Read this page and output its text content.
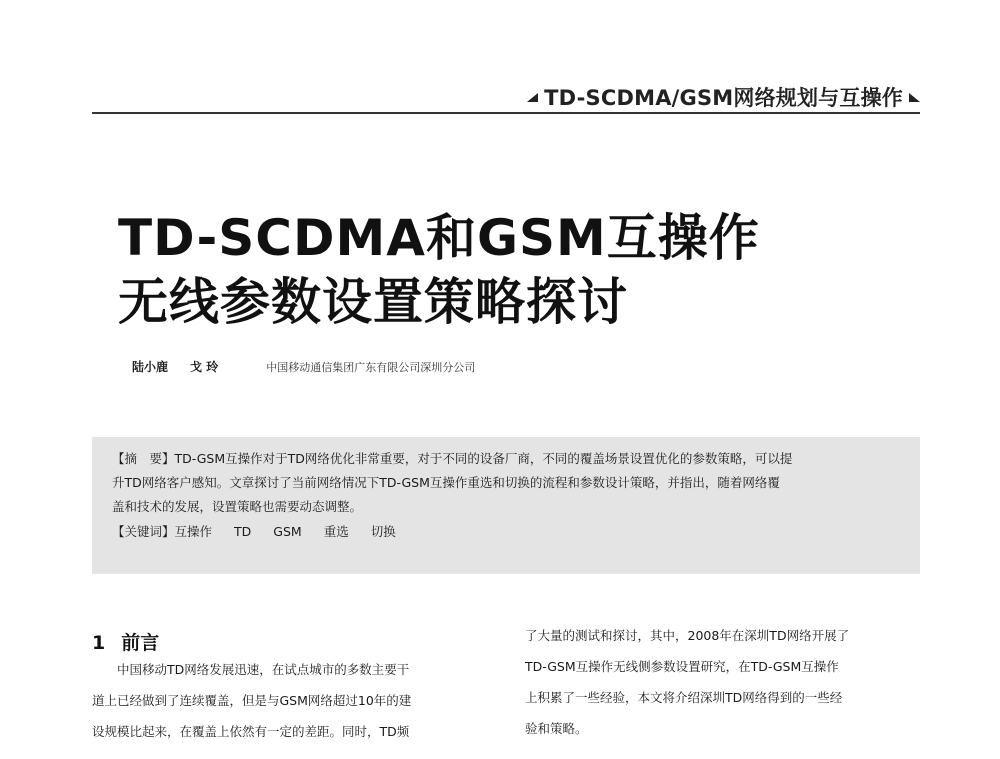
TD-SCDMA/GSM网络规划与互操作
TD-SCDMA和GSM互操作
无线参数设置策略探讨
陆小鹿 戈 玲	中国移动通信集团广东有限公司深圳分公司
【摘　要】TD-GSM互操作对于TD网络优化非常重要，对于不同的设备厂商，不同的覆盖场景设置优化的参数策略，可以提
升TD网络客户感知。文章探讨了当前网络情况下TD-GSM互操作重选和切换的流程和参数设计策略，并指出，随着网络覆
盖和技术的发展，设置策略也需要动态调整。
【关键词】 互操作 TD GSM 重选 切换
1 前言
　　中国移动TD网络发展迅速，在试点城市的多数主要干
道上已经做到了连续覆盖，但是与GSM网络超过10年的建
设规模比起来，在覆盖上依然有一定的差距。同时，TD频
了大量的测试和探讨，其中，2008年在深圳TD网络开展了
TD-GSM互操作无线侧参数设置研究，在TD-GSM互操作
上积累了一些经验，本文将介绍深圳TD网络得到的一些经
验和策略。
